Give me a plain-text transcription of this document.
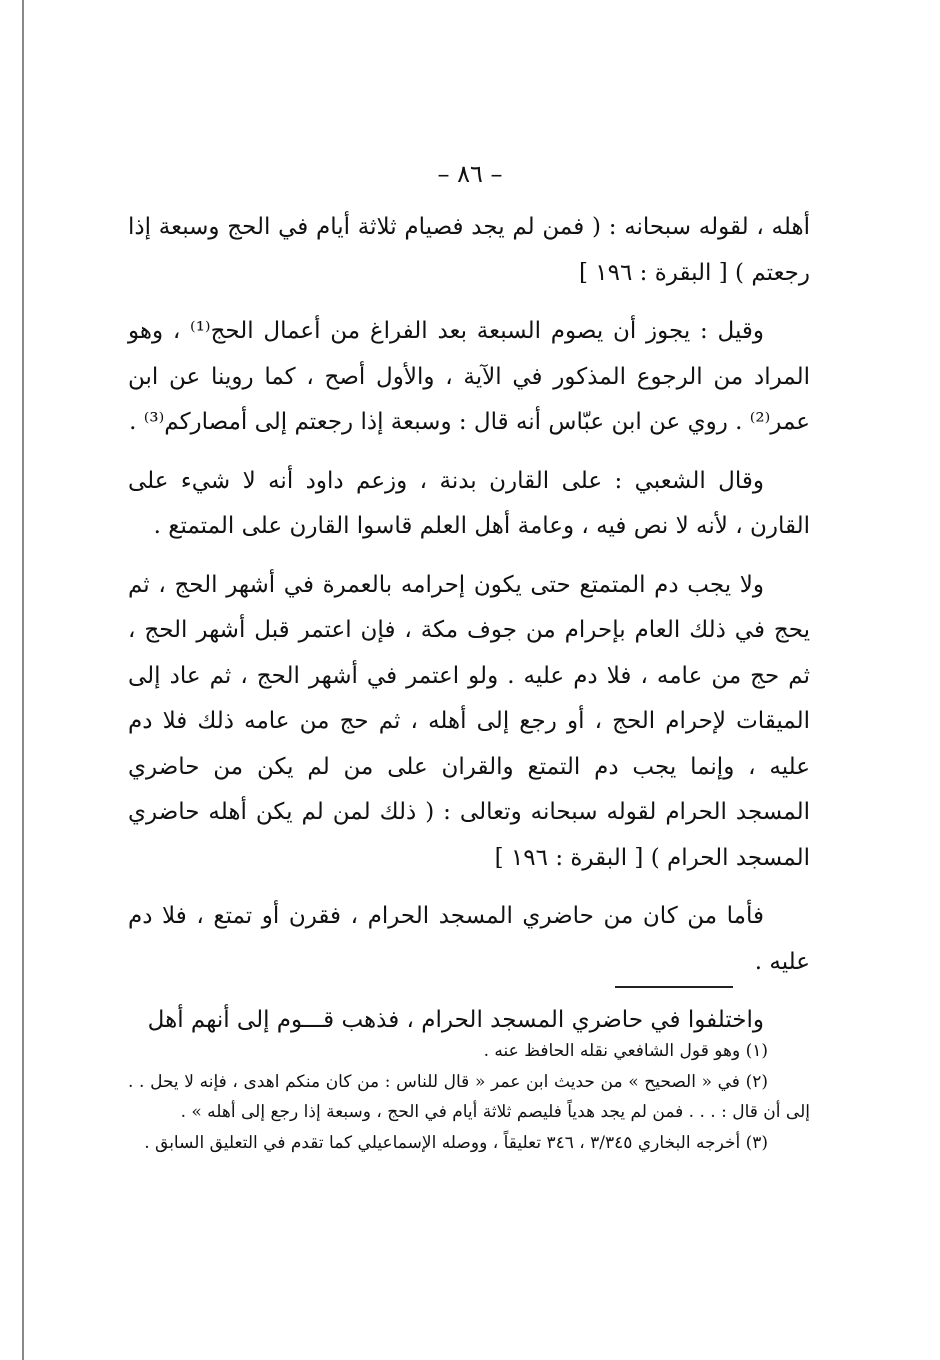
– ٨٦ –

أهله ، لقوله سبحانه : ( فمن لم يجد فصيام ثلاثة أيام في الحج وسبعة إذا رجعتم ) [ البقرة : ١٩٦ ]

وقيل : يجوز أن يصوم السبعة بعد الفراغ من أعمال الحج⁽¹⁾ ، وهو المراد من الرجوع المذكور في الآية ، والأول أصح ، كما روينا عن ابن عمر⁽²⁾ . روي عن ابن عبّاس أنه قال : وسبعة إذا رجعتم إلى أمصاركم⁽³⁾ .

وقال الشعبي : على القارن بدنة ، وزعم داود أنه لا شيء على القارن ، لأنه لا نص فيه ، وعامة أهل العلم قاسوا القارن على المتمتع .

ولا يجب دم المتمتع حتى يكون إحرامه بالعمرة في أشهر الحج ، ثم يحج في ذلك العام بإحرام من جوف مكة ، فإن اعتمر قبل أشهر الحج ، ثم حج من عامه ، فلا دم عليه . ولو اعتمر في أشهر الحج ، ثم عاد إلى الميقات لإحرام الحج ، أو رجع إلى أهله ، ثم حج من عامه ذلك فلا دم عليه ، وإنما يجب دم التمتع والقران على من لم يكن من حاضري المسجد الحرام لقوله سبحانه وتعالى : ( ذلك لمن لم يكن أهله حاضري المسجد الحرام ) [ البقرة : ١٩٦ ]

فأما من كان من حاضري المسجد الحرام ، فقرن أو تمتع ، فلا دم عليه .

واختلفوا في حاضري المسجد الحرام ، فذهب قـــوم إلى أنهم أهل

(١) وهو قول الشافعي نقله الحافظ عنه .

(٢) في « الصحيح » من حديث ابن عمر « قال للناس : من كان منكم اهدى ، فإنه لا يحل . . إلى أن قال : . . . فمن لم يجد هدياً فليصم ثلاثة أيام في الحج ، وسبعة إذا رجع إلى أهله » .

(٣) أخرجه البخاري ٣/٣٤٥ ، ٣٤٦ تعليقاً ، ووصله الإسماعيلي كما تقدم في التعليق السابق .
